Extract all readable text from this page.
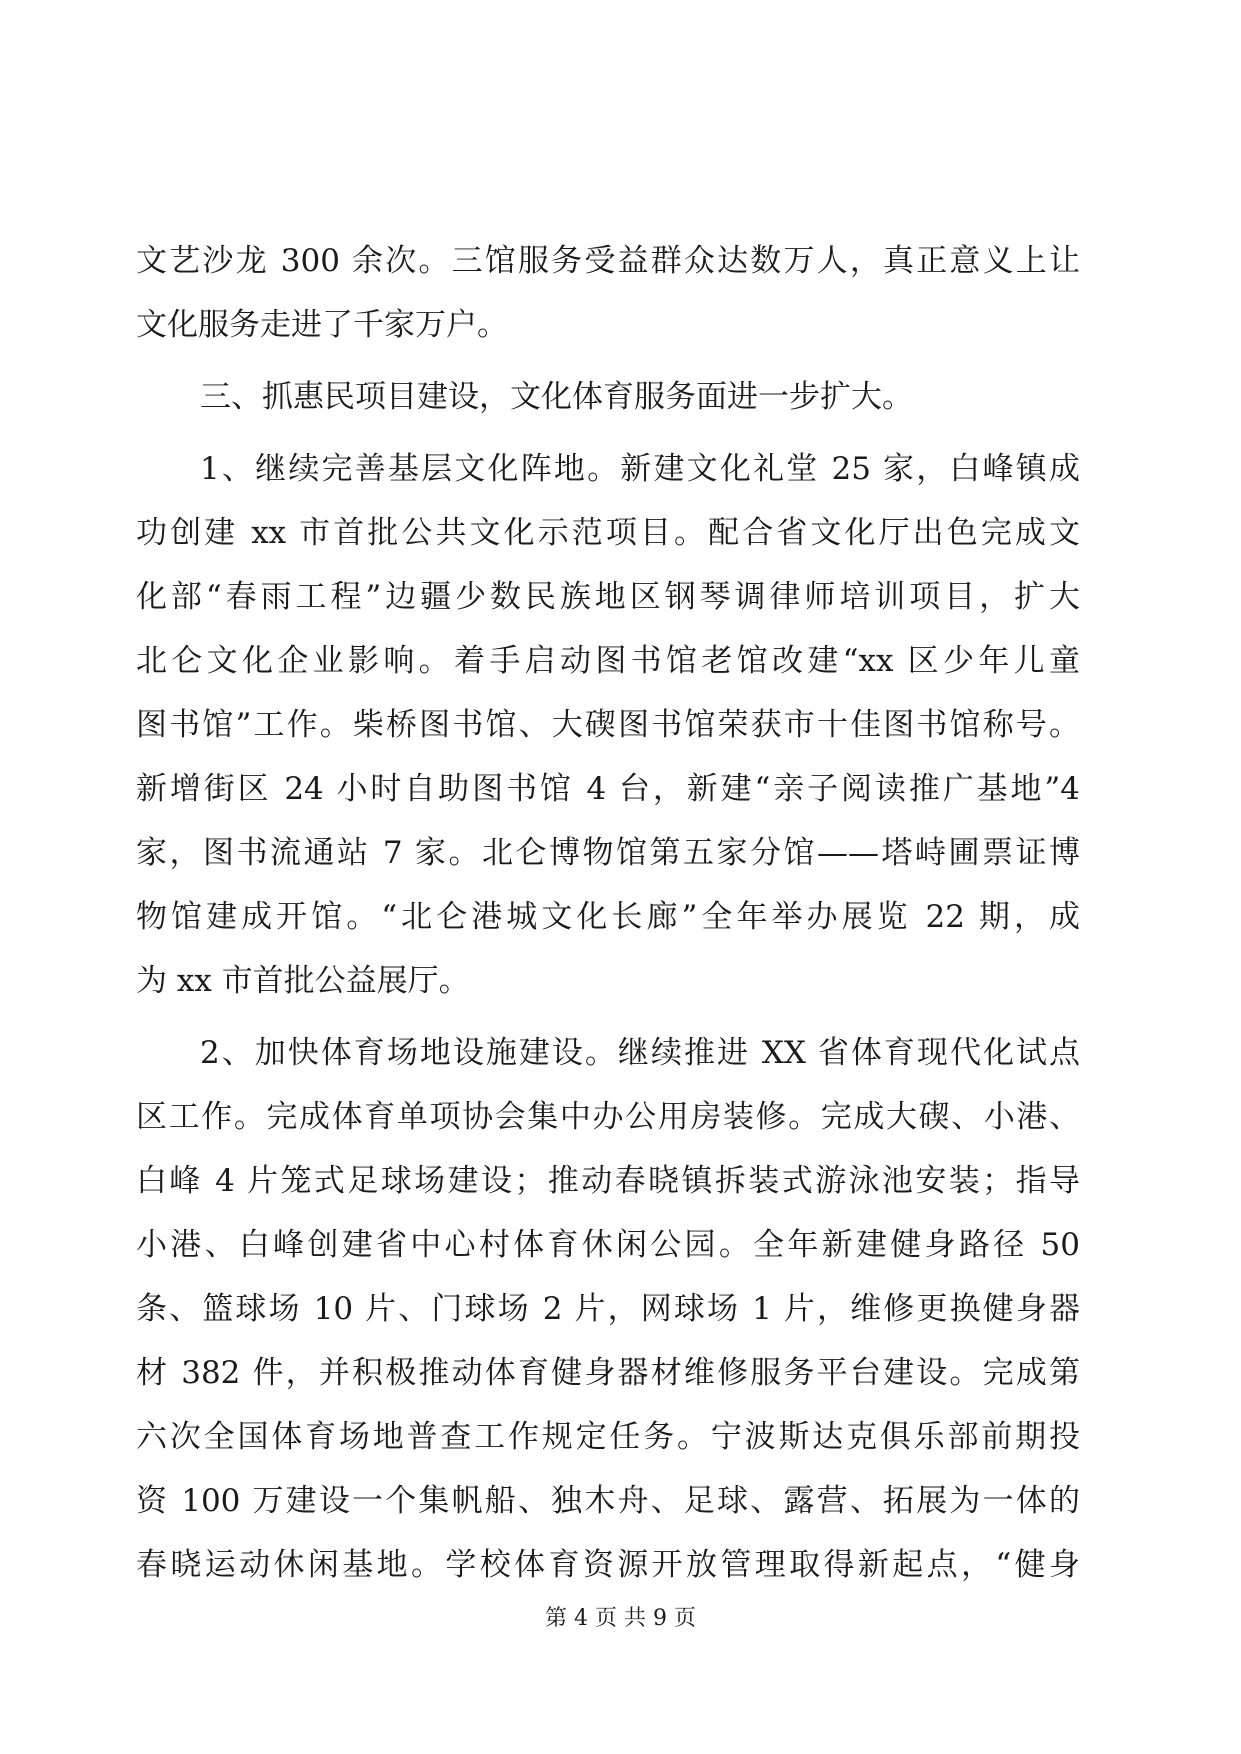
文艺沙龙 300 余次。三馆服务受益群众达数万人，真正意义上让
文化服务走进了千家万户。
三、抓惠民项目建设，文化体育服务面进一步扩大。
1、继续完善基层文化阵地。新建文化礼堂 25 家，白峰镇成
功创建 xx 市首批公共文化示范项目。配合省文化厅出色完成文
化部“春雨工程”边疆少数民族地区钢琴调律师培训项目，扩大
北仑文化企业影响。着手启动图书馆老馆改建“xx 区少年儿童
图书馆”工作。柴桥图书馆、大碶图书馆荣获市十佳图书馆称号。
新增街区 24 小时自助图书馆 4 台，新建“亲子阅读推广基地”4
家，图书流通站 7 家。北仑博物馆第五家分馆——塔峙圃票证博
物馆建成开馆。“北仑港城文化长廊”全年举办展览 22 期，成
为 xx 市首批公益展厅。
2、加快体育场地设施建设。继续推进 XX 省体育现代化试点
区工作。完成体育单项协会集中办公用房装修。完成大碶、小港、
白峰 4 片笼式足球场建设；推动春晓镇拆装式游泳池安装；指导
小港、白峰创建省中心村体育休闲公园。全年新建健身路径 50
条、篮球场 10 片、门球场 2 片，网球场 1 片，维修更换健身器
材 382 件，并积极推动体育健身器材维修服务平台建设。完成第
六次全国体育场地普查工作规定任务。宁波斯达克俱乐部前期投
资 100 万建设一个集帆船、独木舟、足球、露营、拓展为一体的
春晓运动休闲基地。学校体育资源开放管理取得新起点，“健身
第 4 页 共 9 页
